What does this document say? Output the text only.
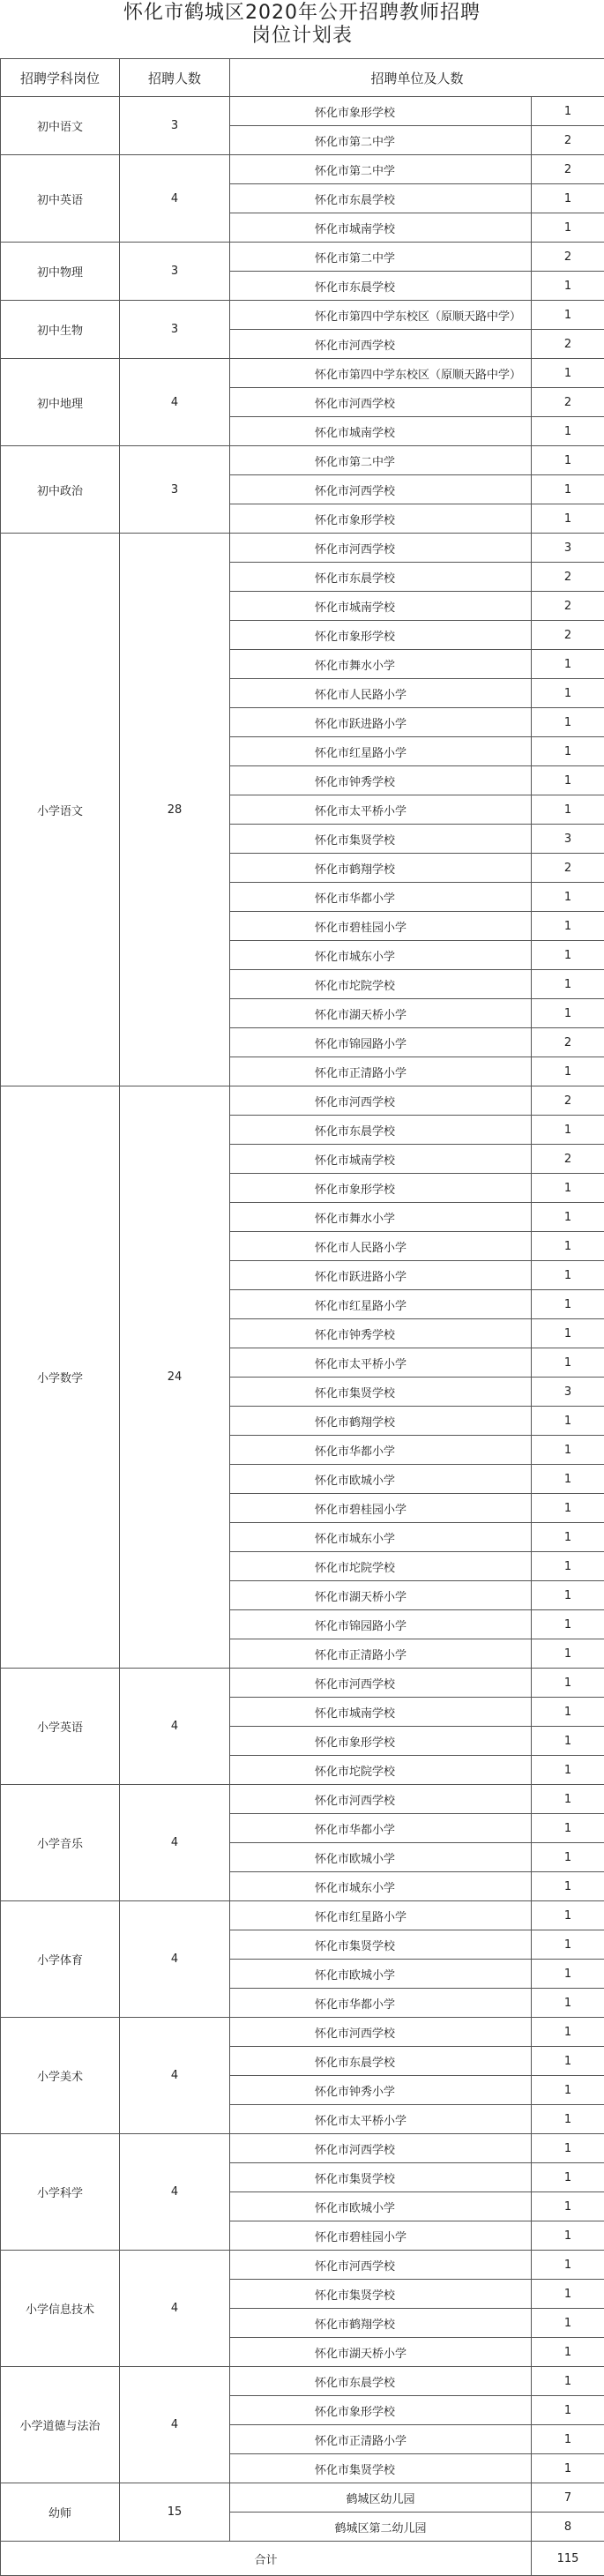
怀化市鹤城区2020年公开招聘教师招聘
岗位计划表
招聘学科岗位	招聘人数	招聘单位及人数	
初中语文	3	怀化市象形学校	1
		怀化市第二中学	2
初中英语	4	怀化市第二中学	2
		怀化市东晨学校	1
		怀化市城南学校	1
初中物理	3	怀化市第二中学	2
		怀化市东晨学校	1
初中生物	3	怀化市第四中学东校区（原顺天路中学）	1
		怀化市河西学校	2
初中地理	4	怀化市第四中学东校区（原顺天路中学）	1
		怀化市河西学校	2
		怀化市城南学校	1
初中政治	3	怀化市第二中学	1
		怀化市河西学校	1
		怀化市象形学校	1
小学语文	28	怀化市河西学校	3
		怀化市东晨学校	2
		怀化市城南学校	2
		怀化市象形学校	2
		怀化市舞水小学	1
		怀化市人民路小学	1
		怀化市跃进路小学	1
		怀化市红星路小学	1
		怀化市钟秀学校	1
		怀化市太平桥小学	1
		怀化市集贤学校	3
		怀化市鹤翔学校	2
		怀化市华都小学	1
		怀化市碧桂园小学	1
		怀化市城东小学	1
		怀化市坨院学校	1
		怀化市湖天桥小学	1
		怀化市锦园路小学	2
		怀化市正清路小学	1
小学数学	24	怀化市河西学校	2
		怀化市东晨学校	1
		怀化市城南学校	2
		怀化市象形学校	1
		怀化市舞水小学	1
		怀化市人民路小学	1
		怀化市跃进路小学	1
		怀化市红星路小学	1
		怀化市钟秀学校	1
		怀化市太平桥小学	1
		怀化市集贤学校	3
		怀化市鹤翔学校	1
		怀化市华都小学	1
		怀化市欧城小学	1
		怀化市碧桂园小学	1
		怀化市城东小学	1
		怀化市坨院学校	1
		怀化市湖天桥小学	1
		怀化市锦园路小学	1
		怀化市正清路小学	1
小学英语	4	怀化市河西学校	1
		怀化市城南学校	1
		怀化市象形学校	1
		怀化市坨院学校	1
小学音乐	4	怀化市河西学校	1
		怀化市华都小学	1
		怀化市欧城小学	1
		怀化市城东小学	1
小学体育	4	怀化市红星路小学	1
		怀化市集贤学校	1
		怀化市欧城小学	1
		怀化市华都小学	1
小学美术	4	怀化市河西学校	1
		怀化市东晨学校	1
		怀化市钟秀小学	1
		怀化市太平桥小学	1
小学科学	4	怀化市河西学校	1
		怀化市集贤学校	1
		怀化市欧城小学	1
		怀化市碧桂园小学	1
小学信息技术	4	怀化市河西学校	1
		怀化市集贤学校	1
		怀化市鹤翔学校	1
		怀化市湖天桥小学	1
小学道德与法治	4	怀化市东晨学校	1
		怀化市象形学校	1
		怀化市正清路小学	1
		怀化市集贤学校	1
幼师	15	鹤城区幼儿园	7
		鹤城区第二幼儿园	8
合计			115
